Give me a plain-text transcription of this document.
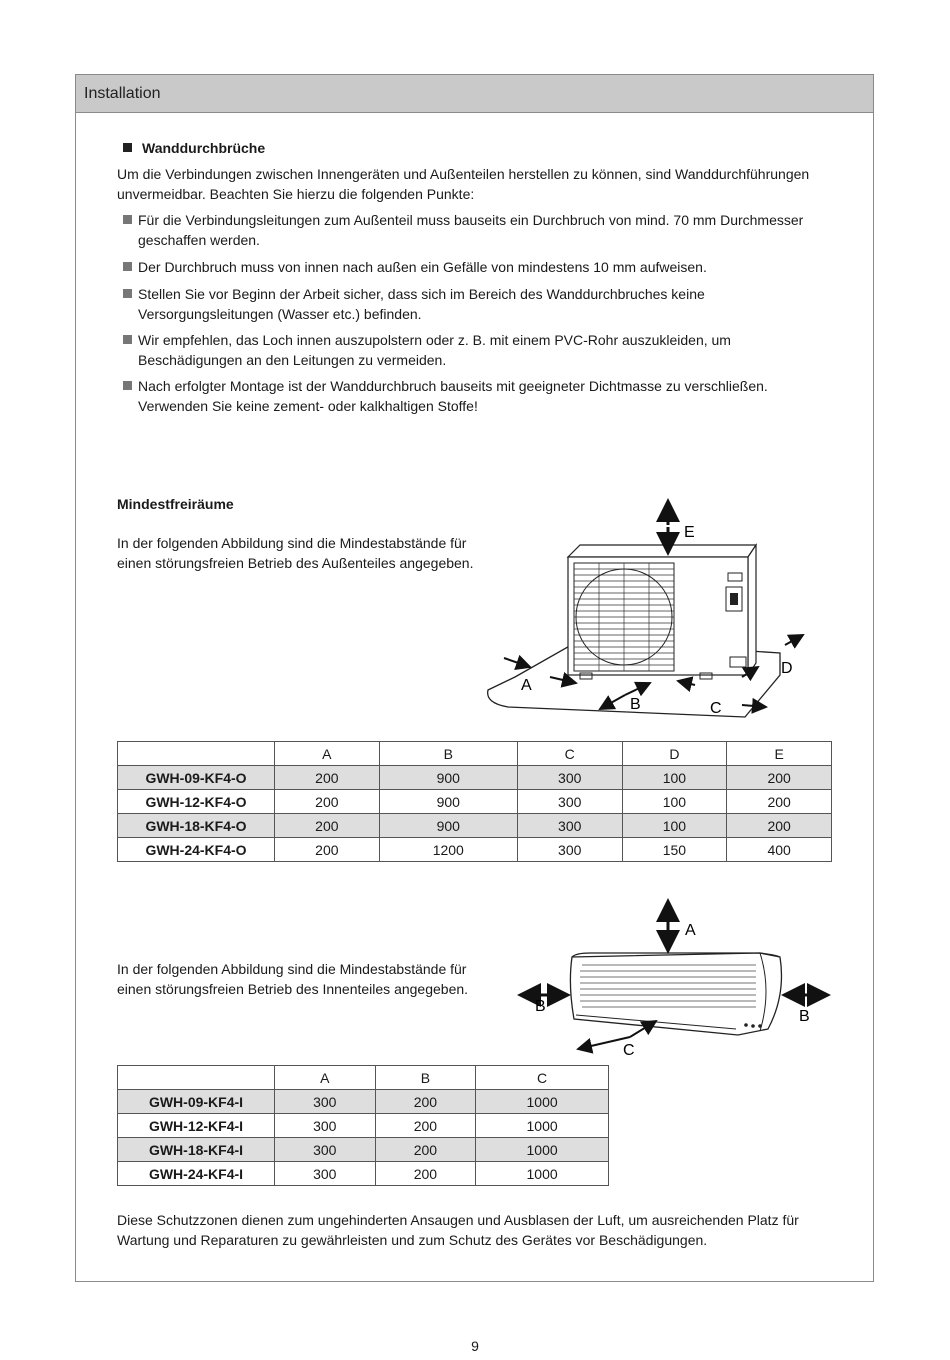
Installation
Wanddurchbrüche
Um die Verbindungen zwischen Innengeräten und Außenteilen herstellen zu können, sind Wanddurchführungen unvermeidbar. Beachten Sie hierzu die folgenden Punkte:
Für die Verbindungsleitungen zum Außenteil muss bauseits ein Durchbruch von mind. 70 mm Durchmesser geschaffen werden.
Der Durchbruch muss von innen nach außen ein Gefälle von mindestens 10 mm aufweisen.
Stellen Sie vor Beginn der Arbeit sicher, dass sich im Bereich des Wanddurchbruches keine Versorgungsleitungen (Wasser etc.) befinden.
Wir empfehlen, das Loch innen auszupolstern oder z. B. mit einem PVC-Rohr auszukleiden, um Beschädigungen an den Leitungen zu vermeiden.
Nach erfolgter Montage ist der Wanddurchbruch bauseits mit geeigneter Dichtmasse zu verschließen. Verwenden Sie keine zement- oder kalkhaltigen Stoffe!
Mindestfreiräume
In der folgenden Abbildung sind die Mindestabstände für einen störungsfreien Betrieb des Außenteiles angegeben.
E
A
B	C
D
	A	B	C	D	E
GWH-09-KF4-O	200	900	300	100	200
GWH-12-KF4-O	200	900	300	100	200
GWH-18-KF4-O	200	900	300	100	200
GWH-24-KF4-O	200	1200	300	150	400
In der folgenden Abbildung sind die Mindestabstände für einen störungsfreien Betrieb des Innenteiles angegeben.
A
B
B
C
	A	B	C
GWH-09-KF4-I	300	200	1000
GWH-12-KF4-I	300	200	1000
GWH-18-KF4-I	300	200	1000
GWH-24-KF4-I	300	200	1000
Diese Schutzzonen dienen zum ungehinderten Ansaugen und Ausblasen der Luft, um ausreichenden Platz für Wartung und Reparaturen zu gewährleisten und zum Schutz des Gerätes vor Beschädigungen.
9
